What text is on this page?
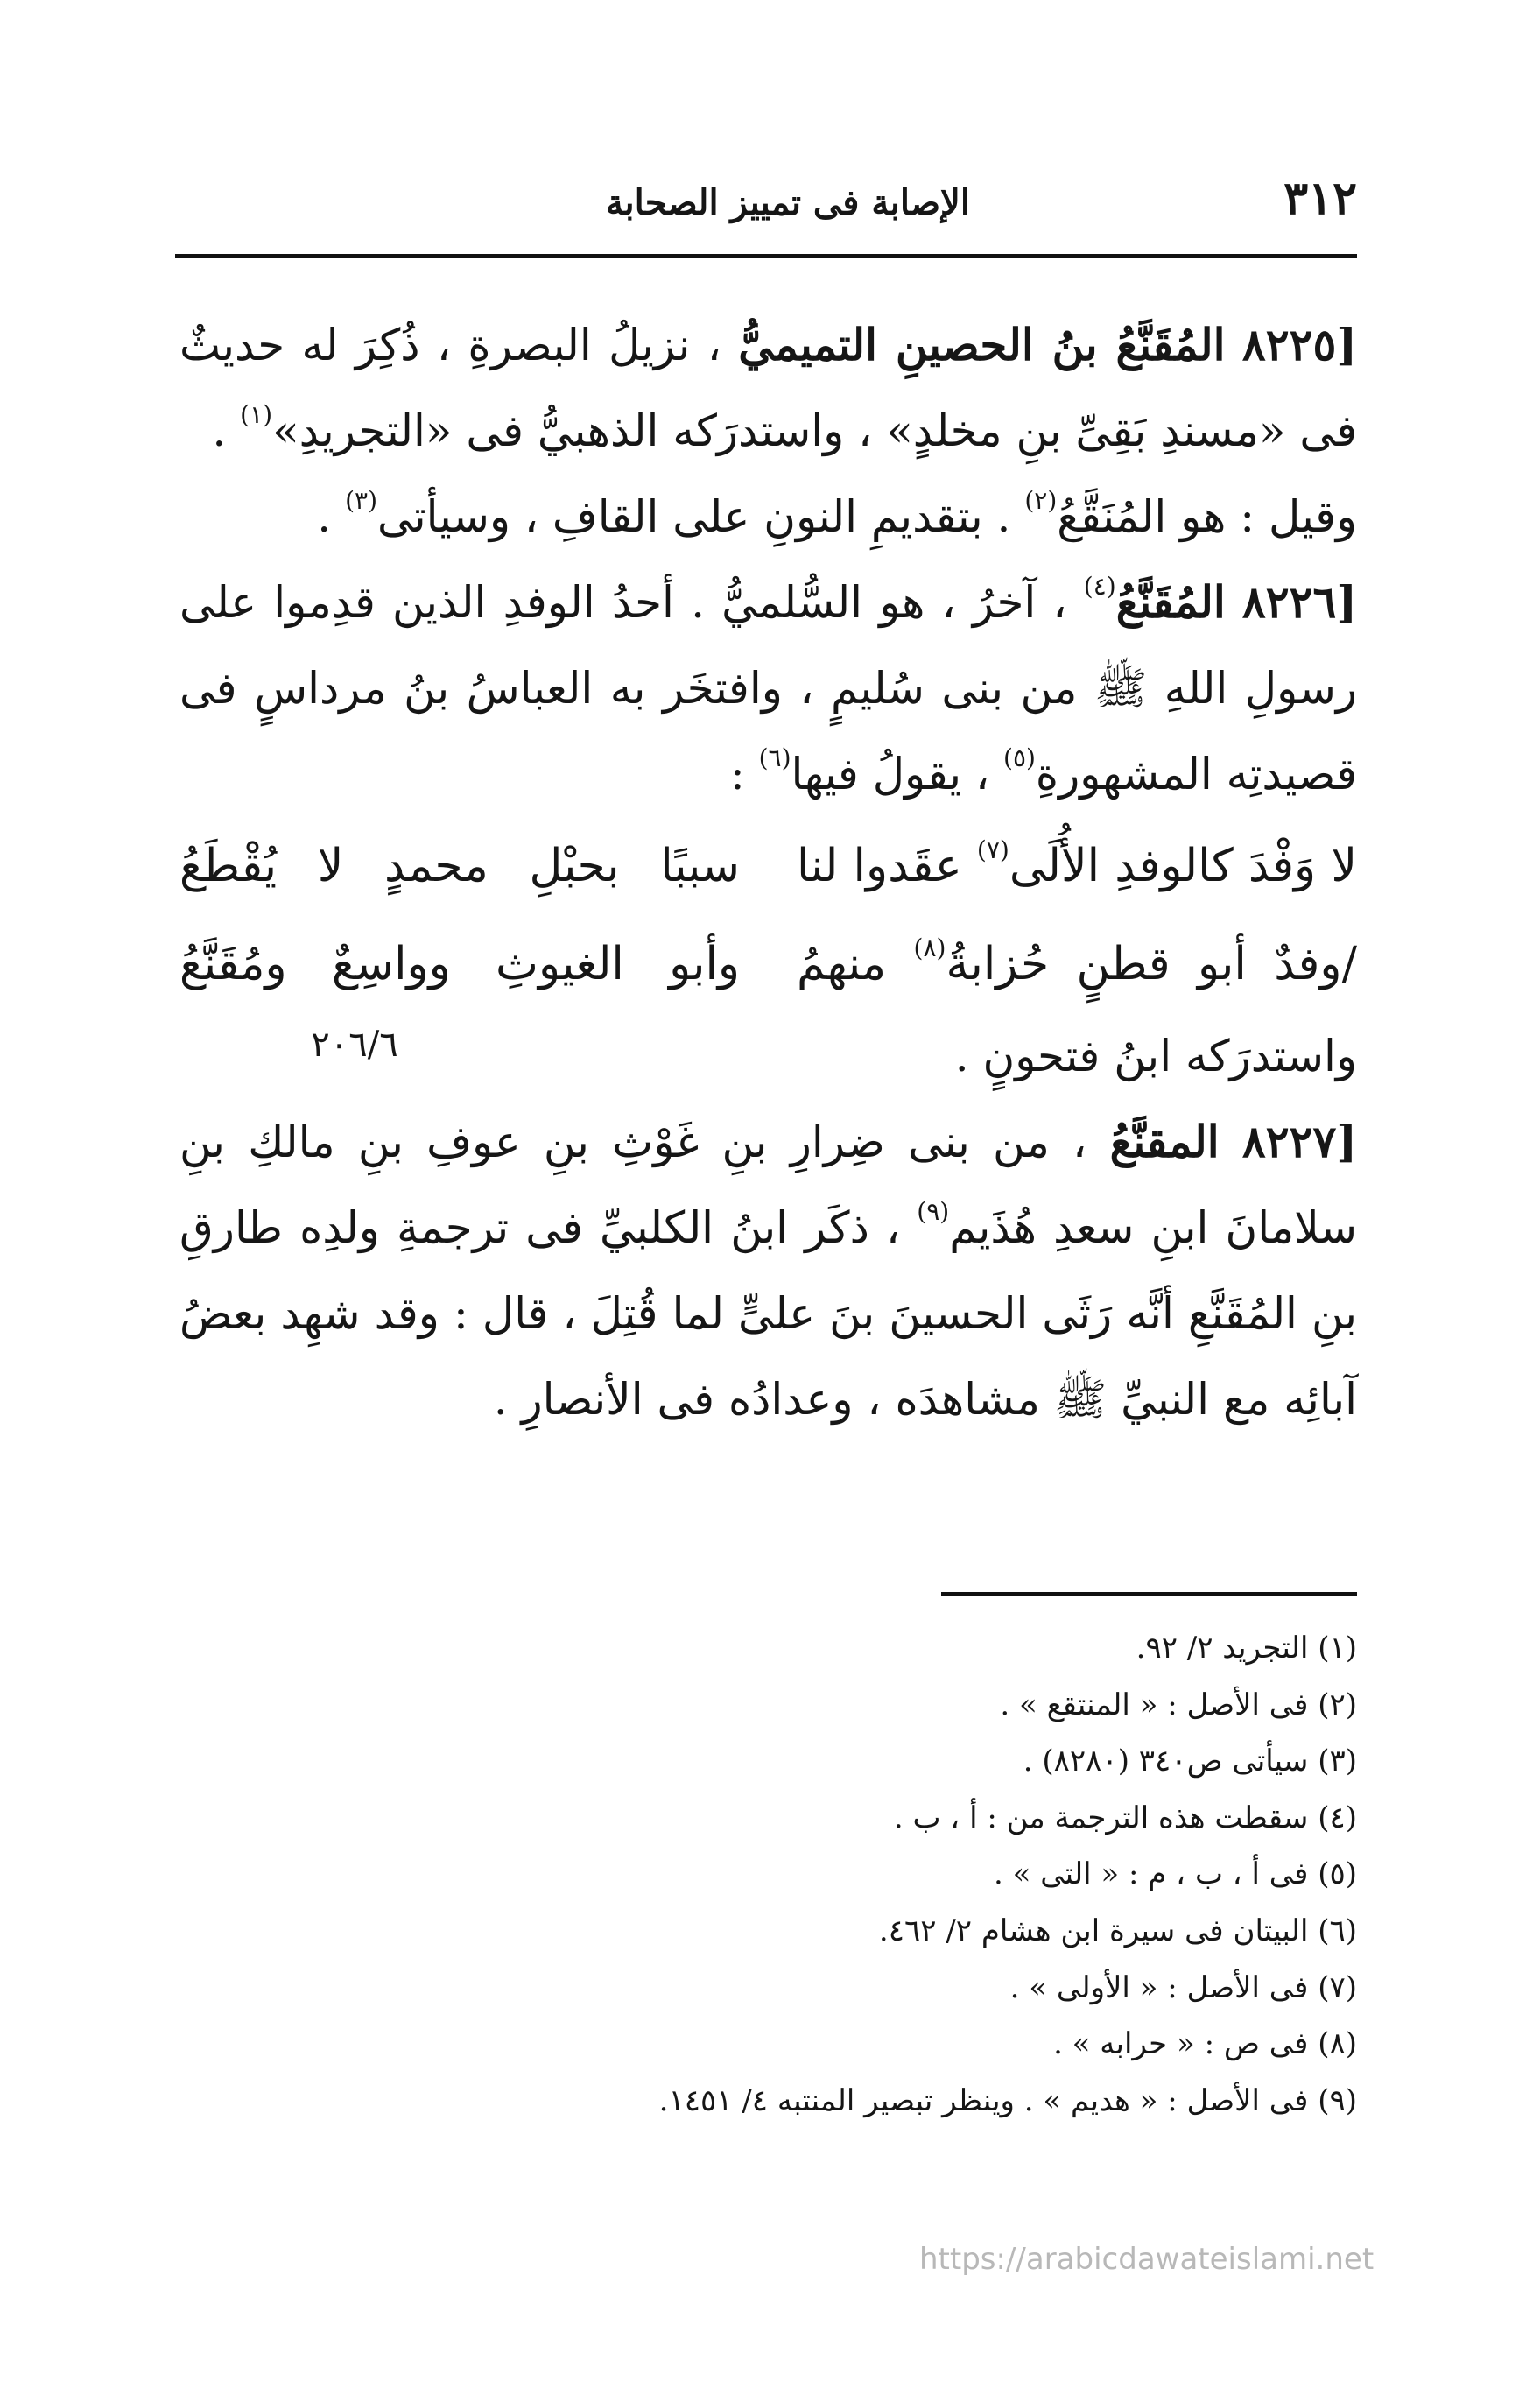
٣١٢
الإصابة فى تمييز الصحابة

[٨٢٢٥ المُقَنَّعُ بنُ الحصينِ التميميُّ ، نزيلُ البصرةِ ، ذُكِرَ له حديثٌ فى «مسندِ بَقِىِّ بنِ مخلدٍ» ، واستدرَكه الذهبيُّ فى «التجريدِ»$^{(١)}$ .

وقيل : هو المُنَقَّعُ$^{(٢)}$ . بتقديمِ النونِ على القافِ ، وسيأتى$^{(٣)}$ .

[٨٢٢٦ المُقَنَّعُ$^{(٤)}$ ، آخرُ ، هو السُّلميُّ . أحدُ الوفدِ الذين قدِموا على رسولِ اللهِ ﷺ من بنى سُليمٍ ، وافتخَر به العباسُ بنُ مرداسٍ فى قصيدتِه المشهورةِ$^{(٥)}$ ، يقولُ فيها$^{(٦)}$ :

لا وَفْدَ كالوفدِ الأُلَى$^{(٧)}$ عقَدوا لنا
سببًا بحبْلِ محمدٍ لا يُقْطَعُ
/وفدٌ أبو قطنٍ حُزابةُ$^{(٨)}$ منهمُ
وأبو الغيوثِ وواسِعٌ ومُقَنَّعُ

واستدرَكه ابنُ فتحونٍ .

[٨٢٢٧ المقنَّعُ ، من بنى ضِرارِ بنِ غَوْثِ بنِ عوفِ بنِ مالكِ بنِ سلامانَ ابنِ سعدِ هُذَيم$^{(٩)}$ ، ذكَر ابنُ الكلبيِّ فى ترجمةِ ولدِه طارقِ بنِ المُقَنَّعِ أنَّه رَثَى الحسينَ بنَ علىٍّ لما قُتِلَ ، قال : وقد شهِد بعضُ آبائِه مع النبيِّ ﷺ مشاهدَه ، وعدادُه فى الأنصارِ .

٢٠٦/٦
(١) التجريد ٢/ ٩٢.
(٢) فى الأصل : « المنتقع » .
(٣) سيأتى ص٣٤٠ (٨٢٨٠) .
(٤) سقطت هذه الترجمة من : أ ، ب .
(٥) فى أ ، ب ، م : « التى » .
(٦) البيتان فى سيرة ابن هشام ٢/ ٤٦٢.
(٧) فى الأصل : « الأولى » .
(٨) فى ص : « حرابه » .
(٩) فى الأصل : « هديم » . وينظر تبصير المنتبه ٤/ ١٤٥١.
https://arabicdawateislami.net
